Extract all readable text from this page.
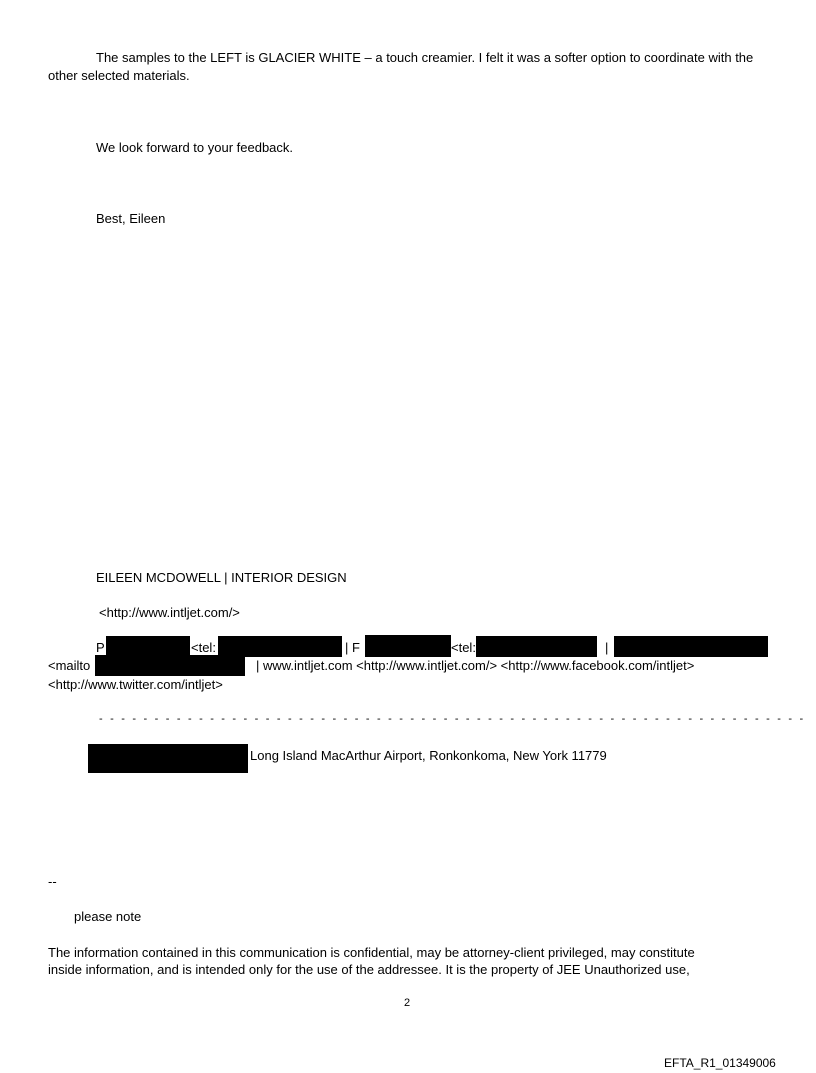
The samples to the LEFT is GLACIER WHITE – a touch creamier. I felt it was a softer option to coordinate with the
other selected materials.
We look forward to your feedback.
Best, Eileen
EILEEN MCDOWELL | INTERIOR DESIGN
<http://www.intljet.com/>
P	<tel:	| F	<tel:	|
<mailto	| www.intljet.com <http://www.intljet.com/> <http://www.facebook.com/intljet>
<http://www.twitter.com/intljet>
- - - - - - - - - - - - - - - - - - - - - - - - - - - - - - - - - - - - - - - - - - - - - - - - - - - - - - - - - - - - - - - -
Long Island MacArthur Airport, Ronkonkoma, New York 11779
--
please note
The information contained in this communication is confidential, may be attorney-client privileged, may constitute
inside information, and is intended only for the use of the addressee. It is the property of JEE Unauthorized use,
2
EFTA_R1_01349006
